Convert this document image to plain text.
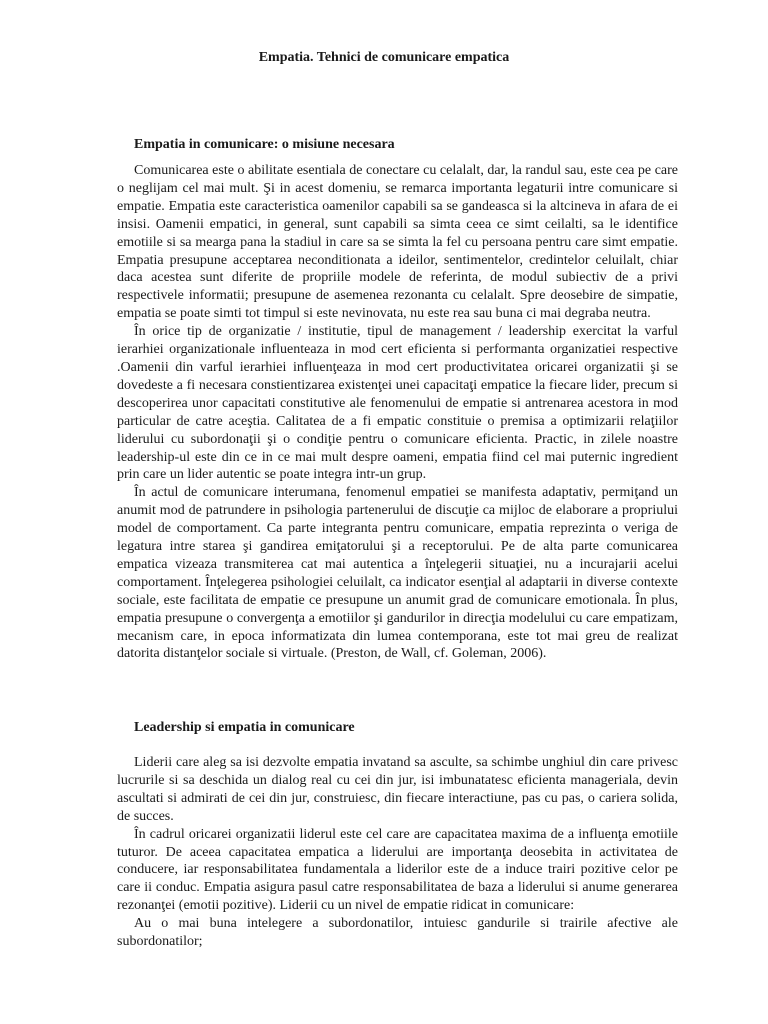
Empatia. Tehnici de comunicare empatica
Empatia in comunicare: o misiune necesara

Comunicarea este o abilitate esentiala de conectare cu celalalt, dar, la randul sau, este cea pe care o neglijam cel mai mult. Şi in acest domeniu, se remarca importanta legaturii intre comunicare si empatie. Empatia este caracteristica oamenilor capabili sa se gandeasca si la altcineva in afara de ei insisi. Oamenii empatici, in general, sunt capabili sa simta ceea ce simt ceilalti, sa le identifice emotiile si sa mearga pana la stadiul in care sa se simta la fel cu persoana pentru care simt empatie. Empatia presupune acceptarea neconditionata a ideilor, sentimentelor, credintelor celuilalt, chiar daca acestea sunt diferite de propriile modele de referinta, de modul subiectiv de a privi respectivele informatii; presupune de asemenea rezonanta cu celalalt. Spre deosebire de simpatie, empatia se poate simti tot timpul si este nevinovata, nu este rea sau buna ci mai degraba neutra.

În orice tip de organizatie / institutie, tipul de management / leadership exercitat la varful ierarhiei organizationale influenteaza in mod cert eficienta si performanta organizatiei respective .Oamenii din varful ierarhiei influenţeaza in mod cert productivitatea oricarei organizatii şi se dovedeste a fi necesara constientizarea existenţei unei capacitaţi empatice la fiecare lider, precum si descoperirea unor capacitati constitutive ale fenomenului de empatie si antrenarea acestora in mod particular de catre aceştia. Calitatea de a fi empatic constituie o premisa a optimizarii relaţiilor liderului cu subordonaţii şi o condiţie pentru o comunicare eficienta. Practic, in zilele noastre leadership-ul este din ce in ce mai mult despre oameni, empatia fiind cel mai puternic ingredient prin care un lider autentic se poate integra intr-un grup.

În actul de comunicare interumana, fenomenul empatiei se manifesta adaptativ, permiţand un anumit mod de patrundere in psihologia partenerului de discuţie ca mijloc de elaborare a propriului model de comportament. Ca parte integranta pentru comunicare, empatia reprezinta o veriga de legatura intre starea şi gandirea emiţatorului şi a receptorului. Pe de alta parte comunicarea empatica vizeaza transmiterea cat mai autentica a înţelegerii situaţiei, nu a incurajarii acelui comportament. Înţelegerea psihologiei celuilalt, ca indicator esenţial al adaptarii in diverse contexte sociale, este facilitata de empatie ce presupune un anumit grad de comunicare emotionala. În plus, empatia presupune o convergenţa a emotiilor şi gandurilor in direcţia modelului cu care empatizam, mecanism care, in epoca informatizata din lumea contemporana, este tot mai greu de realizat datorita distanţelor sociale si virtuale. (Preston, de Wall, cf. Goleman, 2006).

Leadership si empatia in comunicare

Liderii care aleg sa isi dezvolte empatia invatand sa asculte, sa schimbe unghiul din care privesc lucrurile si sa deschida un dialog real cu cei din jur, isi imbunatatesc eficienta manageriala, devin ascultati si admirati de cei din jur, construiesc, din fiecare interactiune, pas cu pas, o cariera solida, de succes.

În cadrul oricarei organizatii liderul este cel care are capacitatea maxima de a influenţa emotiile tuturor. De aceea capacitatea empatica a liderului are importanţa deosebita in activitatea de conducere, iar responsabilitatea fundamentala a liderilor este de a induce trairi pozitive celor pe care ii conduc. Empatia asigura pasul catre responsabilitatea de baza a liderului si anume generarea rezonanţei (emotii pozitive). Liderii cu un nivel de empatie ridicat in comunicare:

Au o mai buna intelegere a subordonatilor, intuiesc gandurile si trairile afective ale subordonatilor;
